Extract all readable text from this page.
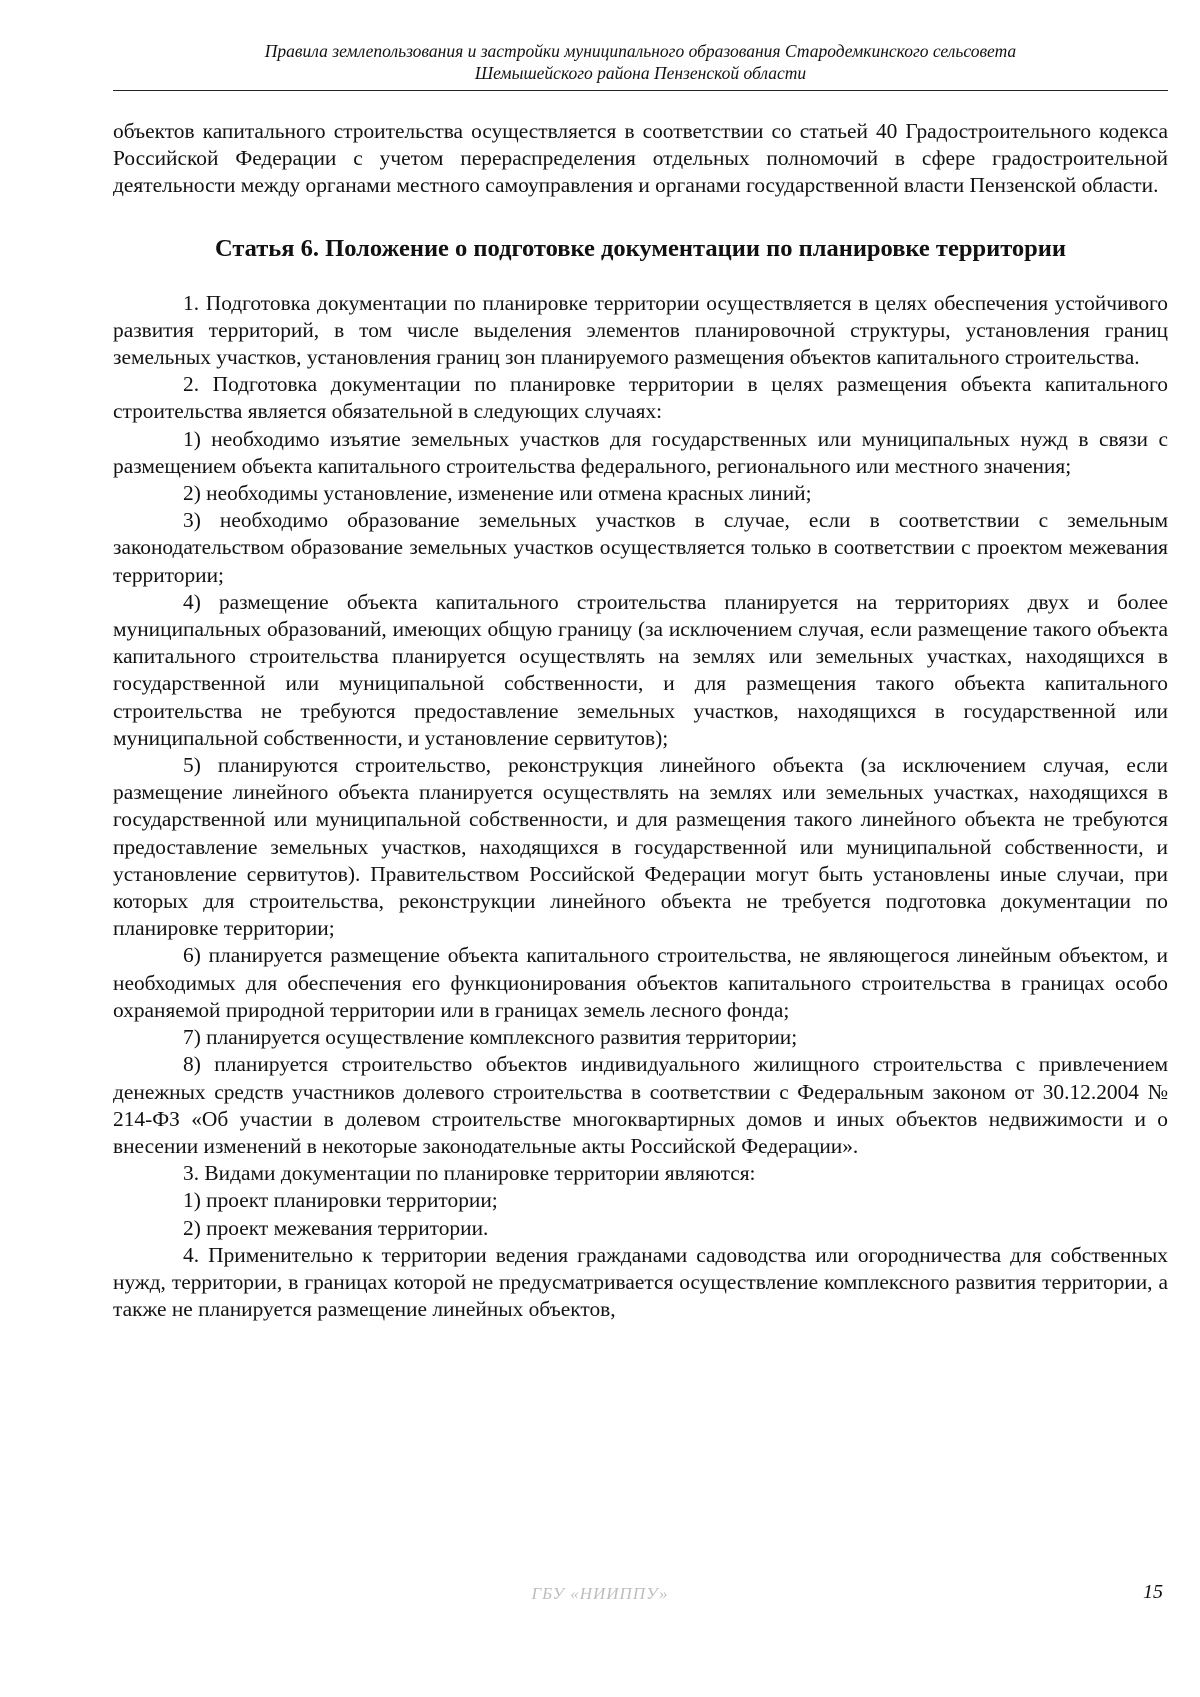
Правила землепользования и застройки муниципального образования Стародемкинского сельсовета
Шемышейского района Пензенской области

объектов капитального строительства осуществляется в соответствии со статьей 40 Градостроительного кодекса Российской Федерации с учетом перераспределения отдельных полномочий в сфере градостроительной деятельности между органами местного самоуправления и органами государственной власти Пензенской области.

Статья 6. Положение о подготовке документации по планировке территории

1. Подготовка документации по планировке территории осуществляется в целях обеспечения устойчивого развития территорий, в том числе выделения элементов планировочной структуры, установления границ земельных участков, установления границ зон планируемого размещения объектов капитального строительства.

2. Подготовка документации по планировке территории в целях размещения объекта капитального строительства является обязательной в следующих случаях:

1) необходимо изъятие земельных участков для государственных или муниципальных нужд в связи с размещением объекта капитального строительства федерального, регионального или местного значения;

2) необходимы установление, изменение или отмена красных линий;

3) необходимо образование земельных участков в случае, если в соответствии с земельным законодательством образование земельных участков осуществляется только в соответствии с проектом межевания территории;

4) размещение объекта капитального строительства планируется на территориях двух и более муниципальных образований, имеющих общую границу (за исключением случая, если размещение такого объекта капитального строительства планируется осуществлять на землях или земельных участках, находящихся в государственной или муниципальной собственности, и для размещения такого объекта капитального строительства не требуются предоставление земельных участков, находящихся в государственной или муниципальной собственности, и установление сервитутов);

5) планируются строительство, реконструкция линейного объекта (за исключением случая, если размещение линейного объекта планируется осуществлять на землях или земельных участках, находящихся в государственной или муниципальной собственности, и для размещения такого линейного объекта не требуются предоставление земельных участков, находящихся в государственной или муниципальной собственности, и установление сервитутов). Правительством Российской Федерации могут быть установлены иные случаи, при которых для строительства, реконструкции линейного объекта не требуется подготовка документации по планировке территории;

6) планируется размещение объекта капитального строительства, не являющегося линейным объектом, и необходимых для обеспечения его функционирования объектов капитального строительства в границах особо охраняемой природной территории или в границах земель лесного фонда;

7) планируется осуществление комплексного развития территории;

8) планируется строительство объектов индивидуального жилищного строительства с привлечением денежных средств участников долевого строительства в соответствии с Федеральным законом от 30.12.2004 № 214-ФЗ «Об участии в долевом строительстве многоквартирных домов и иных объектов недвижимости и о внесении изменений в некоторые законодательные акты Российской Федерации».

3. Видами документации по планировке территории являются:

1) проект планировки территории;

2) проект межевания территории.

4. Применительно к территории ведения гражданами садоводства или огородничества для собственных нужд, территории, в границах которой не предусматривается осуществление комплексного развития территории, а также не планируется размещение линейных объектов,

ГБУ «НИИППУ»	15
